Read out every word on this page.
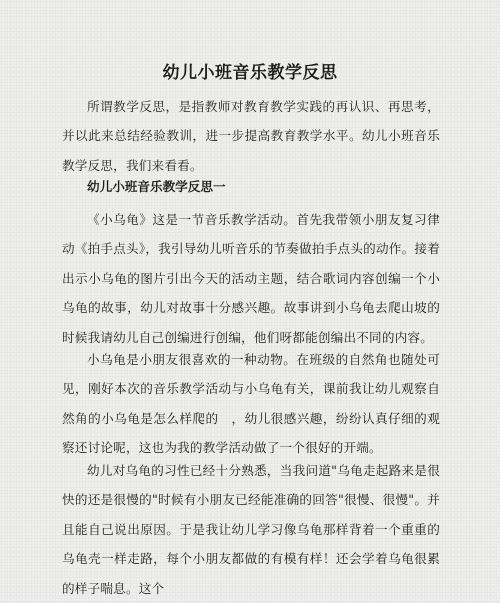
幼儿小班音乐教学反思

所谓教学反思，是指教师对教育教学实践的再认识、再思考，并以此来总结经验教训，进一步提高教育教学水平。幼儿小班音乐教学反思，我们来看看。

幼儿小班音乐教学反思一

《小乌龟》这是一节音乐教学活动。首先我带领小朋友复习律动《拍手点头》，我引导幼儿听音乐的节奏做拍手点头的动作。接着出示小乌龟的图片引出今天的活动主题，结合歌词内容创编一个小乌龟的故事，幼儿对故事十分感兴趣。故事讲到小乌龟去爬山坡的时候我请幼儿自己创编进行创编，他们呀都能创编出不同的内容。

小乌龟是小朋友很喜欢的一种动物。在班级的自然角也随处可见，刚好本次的音乐教学活动与小乌龟有关，课前我让幼儿观察自然角的小乌龟是怎么样爬的　，幼儿很感兴趣，纷纷认真仔细的观察还讨论呢，这也为我的教学活动做了一个很好的开端。

幼儿对乌龟的习性已经十分熟悉，当我问道"乌龟走起路来是很快的还是很慢的"时候有小朋友已经能准确的回答"很慢、很慢"。并且能自己说出原因。于是我让幼儿学习像乌龟那样背着一个重重的乌龟壳一样走路，每个小朋友都做的有模有样！还会学着乌龟很累的样子喘息。这个
